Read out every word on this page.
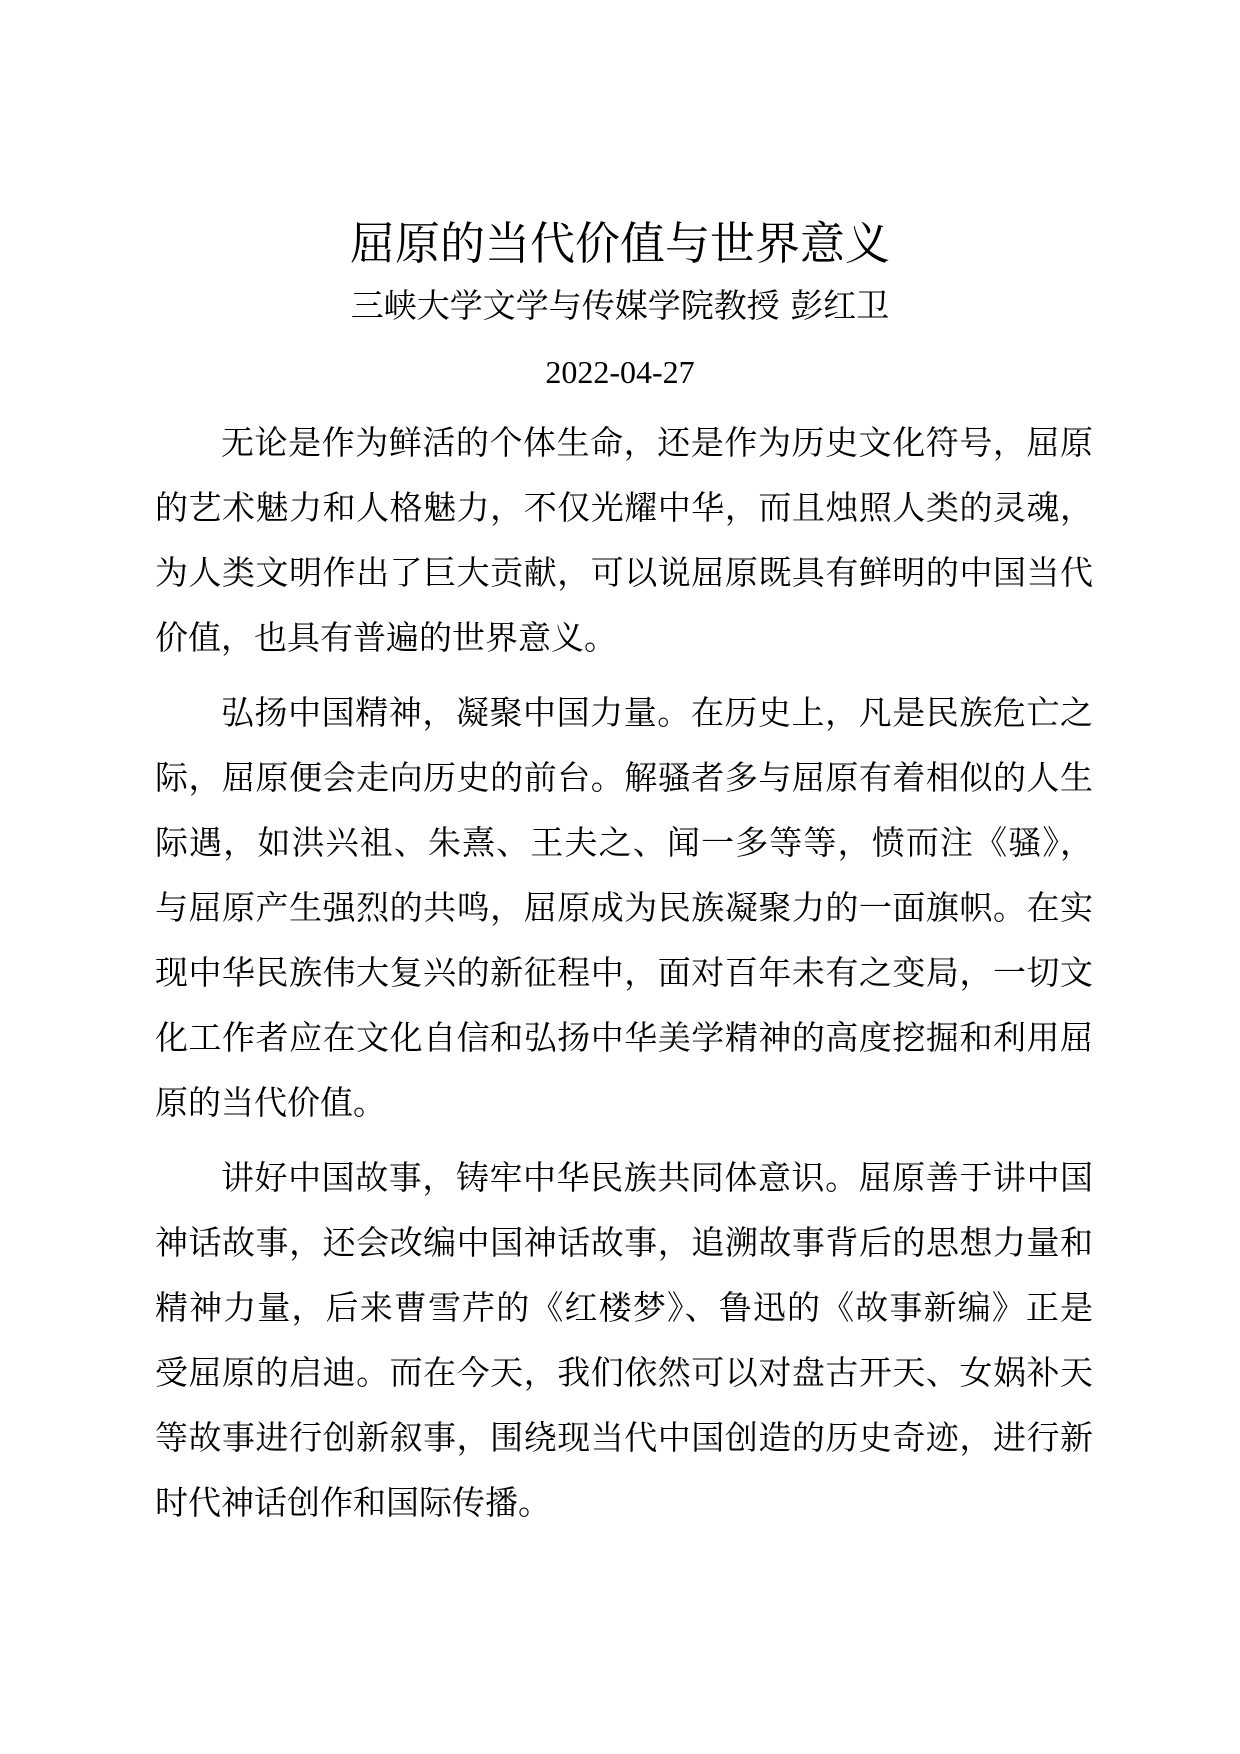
屈原的当代价值与世界意义
三峡大学文学与传媒学院教授 彭红卫
2022-04-27

无论是作为鲜活的个体生命，还是作为历史文化符号，屈原的艺术魅力和人格魅力，不仅光耀中华，而且烛照人类的灵魂，为人类文明作出了巨大贡献，可以说屈原既具有鲜明的中国当代价值，也具有普遍的世界意义。

弘扬中国精神，凝聚中国力量。在历史上，凡是民族危亡之际，屈原便会走向历史的前台。解骚者多与屈原有着相似的人生际遇，如洪兴祖、朱熹、王夫之、闻一多等等，愤而注《骚》，与屈原产生强烈的共鸣，屈原成为民族凝聚力的一面旗帜。在实现中华民族伟大复兴的新征程中，面对百年未有之变局，一切文化工作者应在文化自信和弘扬中华美学精神的高度挖掘和利用屈原的当代价值。

讲好中国故事，铸牢中华民族共同体意识。屈原善于讲中国神话故事，还会改编中国神话故事，追溯故事背后的思想力量和精神力量，后来曹雪芹的《红楼梦》、鲁迅的《故事新编》正是受屈原的启迪。而在今天，我们依然可以对盘古开天、女娲补天等故事进行创新叙事，围绕现当代中国创造的历史奇迹，进行新时代神话创作和国际传播。
